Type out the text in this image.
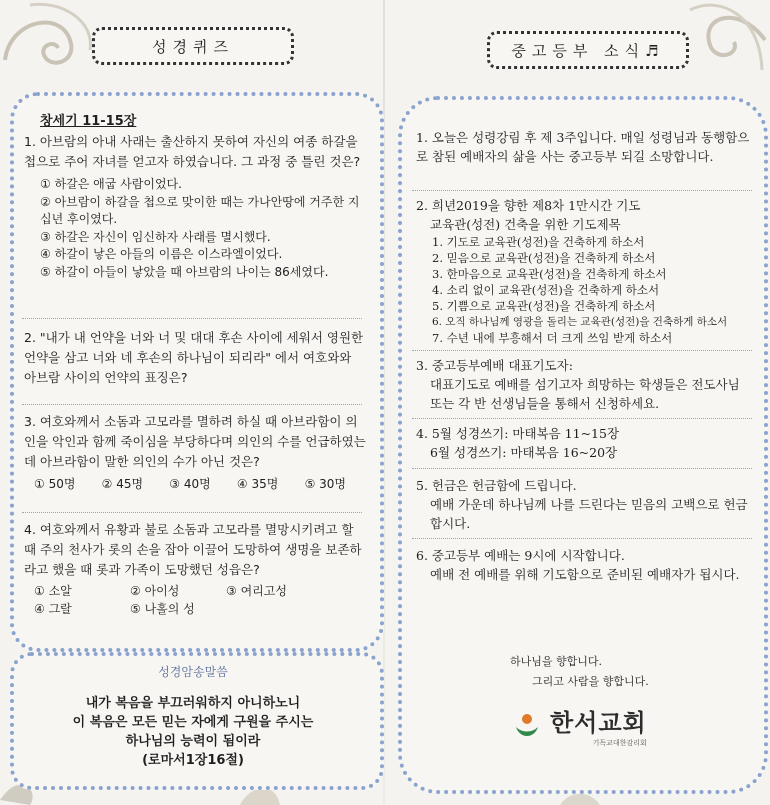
성경퀴즈
창세기 11-15장

1. 아브람의 아내 사래는 출산하지 못하여 자신의 여종 하갈을 첩으로 주어 자녀를 얻고자 하였습니다. 그 과정 중 틀린 것은?

① 하갈은 애굽 사람이었다.
② 아브람이 하갈을 첩으로 맞이한 때는 가나안땅에 거주한 지 십년 후이였다.
③ 하갈은 자신이 임신하자 사래를 멸시했다.
④ 하갈이 낳은 아들의 이름은 이스라엘이었다.
⑤ 하갈이 아들이 낳았을 때 아브람의 나이는 86세였다.

2. "내가 내 언약을 너와 너 및 대대 후손 사이에 세워서 영원한 언약을 삼고 너와 네 후손의 하나님이 되리라" 에서 여호와와 아브람 사이의 언약의 표징은?

3. 여호와께서 소돔과 고모라를 멸하려 하실 때 아브라함이 의인을 악인과 함께 죽이심을 부당하다며 의인의 수를 언급하였는데 아브라함이 말한 의인의 수가 아닌 것은?

① 50명 ② 45명 ③ 40명 ④ 35명 ⑤ 30명

4. 여호와께서 유황과 불로 소돔과 고모라를 멸망시키려고 할 때 주의 천사가 롯의 손을 잡아 이끌어 도망하여 생명을 보존하라고 했을 때 롯과 가족이 도망했던 성읍은?

① 소알	② 아이성	③ 여리고성
④ 그랄	⑤ 나홀의 성
성경암송말씀
내가 복음을 부끄러워하지 아니하노니
이 복음은 모든 믿는 자에게 구원을 주시는
하나님의 능력이 됨이라
(로마서1장16절)
중고등부 소식♬

1. 오늘은 성령강림 후 제 3주입니다. 매일 성령님과 동행함으로 참된 예배자의 삶을 사는 중고등부 되길 소망합니다.

2. 희년2019을 향한 제8차 1만시간 기도

교육관(성전) 건축을 위한 기도제목

1. 기도로 교육관(성전)을 건축하게 하소서
2. 믿음으로 교육관(성전)을 건축하게 하소서
3. 한마음으로 교육관(성전)을 건축하게 하소서
4. 소리 없이 교육관(성전)을 건축하게 하소서
5. 기쁨으로 교육관(성전)을 건축하게 하소서
6. 오직 하나님께 영광을 돌리는 교육관(성전)을 건축하게 하소서
7. 수년 내에 부흥해서 더 크게 쓰임 받게 하소서

3. 중고등부예배 대표기도자:

대표기도로 예배를 섬기고자 희망하는 학생들은 전도사님 또는 각 반 선생님들을 통해서 신청하세요.

4. 5월 성경쓰기: 마태복음 11~15장

6월 성경쓰기: 마태복음 16~20장

5. 헌금은 헌금함에 드립니다.

예배 가운데 하나님께 나를 드린다는 믿음의 고백으로 헌금합시다.

6. 중고등부 예배는 9시에 시작합니다.

예배 전 예배를 위해 기도함으로 준비된 예배자가 됩시다.

하나님을 향합니다.
그리고 사람을 향합니다.
한서교회
기독교대한감리회
